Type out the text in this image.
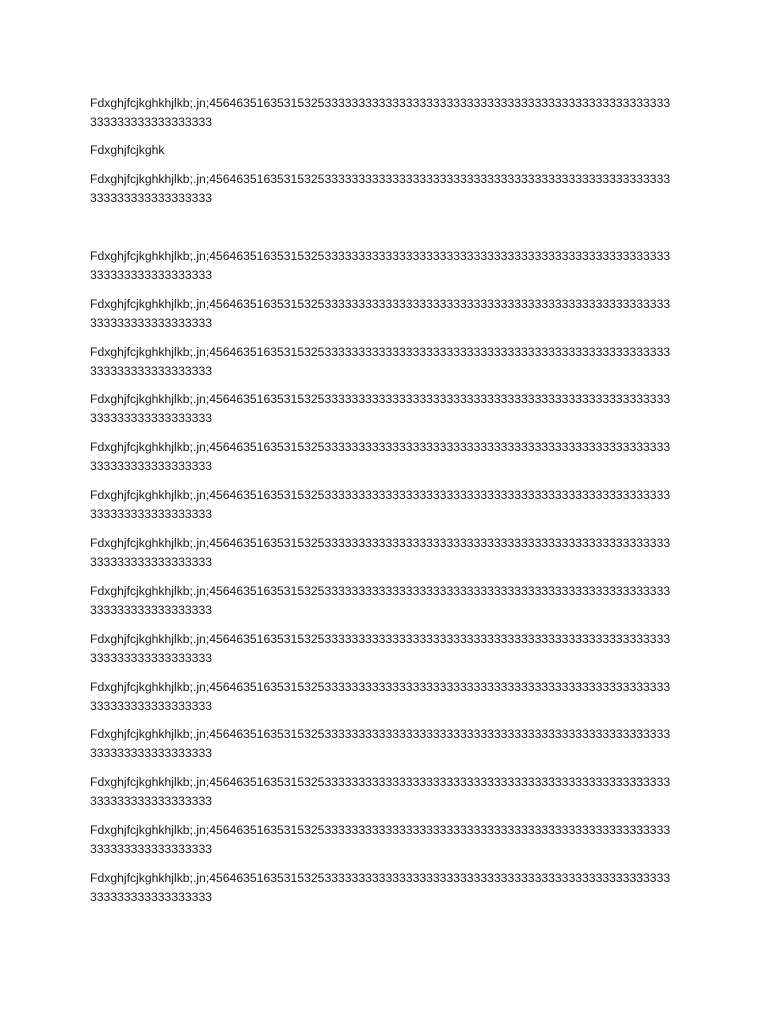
Fdxghjfcjkghkhjlkb;.jn;45646351635315325333333333333333333333333333333333333333333333333333
333333333333333333

Fdxghjfcjkghk

Fdxghjfcjkghkhjlkb;.jn;45646351635315325333333333333333333333333333333333333333333333333333
333333333333333333

Fdxghjfcjkghkhjlkb;.jn;45646351635315325333333333333333333333333333333333333333333333333333
333333333333333333

Fdxghjfcjkghkhjlkb;.jn;45646351635315325333333333333333333333333333333333333333333333333333
333333333333333333

Fdxghjfcjkghkhjlkb;.jn;45646351635315325333333333333333333333333333333333333333333333333333
333333333333333333

Fdxghjfcjkghkhjlkb;.jn;45646351635315325333333333333333333333333333333333333333333333333333
333333333333333333

Fdxghjfcjkghkhjlkb;.jn;45646351635315325333333333333333333333333333333333333333333333333333
333333333333333333

Fdxghjfcjkghkhjlkb;.jn;45646351635315325333333333333333333333333333333333333333333333333333
333333333333333333

Fdxghjfcjkghkhjlkb;.jn;45646351635315325333333333333333333333333333333333333333333333333333
333333333333333333

Fdxghjfcjkghkhjlkb;.jn;45646351635315325333333333333333333333333333333333333333333333333333
333333333333333333

Fdxghjfcjkghkhjlkb;.jn;45646351635315325333333333333333333333333333333333333333333333333333
333333333333333333

Fdxghjfcjkghkhjlkb;.jn;45646351635315325333333333333333333333333333333333333333333333333333
333333333333333333

Fdxghjfcjkghkhjlkb;.jn;45646351635315325333333333333333333333333333333333333333333333333333
333333333333333333

Fdxghjfcjkghkhjlkb;.jn;45646351635315325333333333333333333333333333333333333333333333333333
333333333333333333

Fdxghjfcjkghkhjlkb;.jn;45646351635315325333333333333333333333333333333333333333333333333333
333333333333333333

Fdxghjfcjkghkhjlkb;.jn;45646351635315325333333333333333333333333333333333333333333333333333
333333333333333333
